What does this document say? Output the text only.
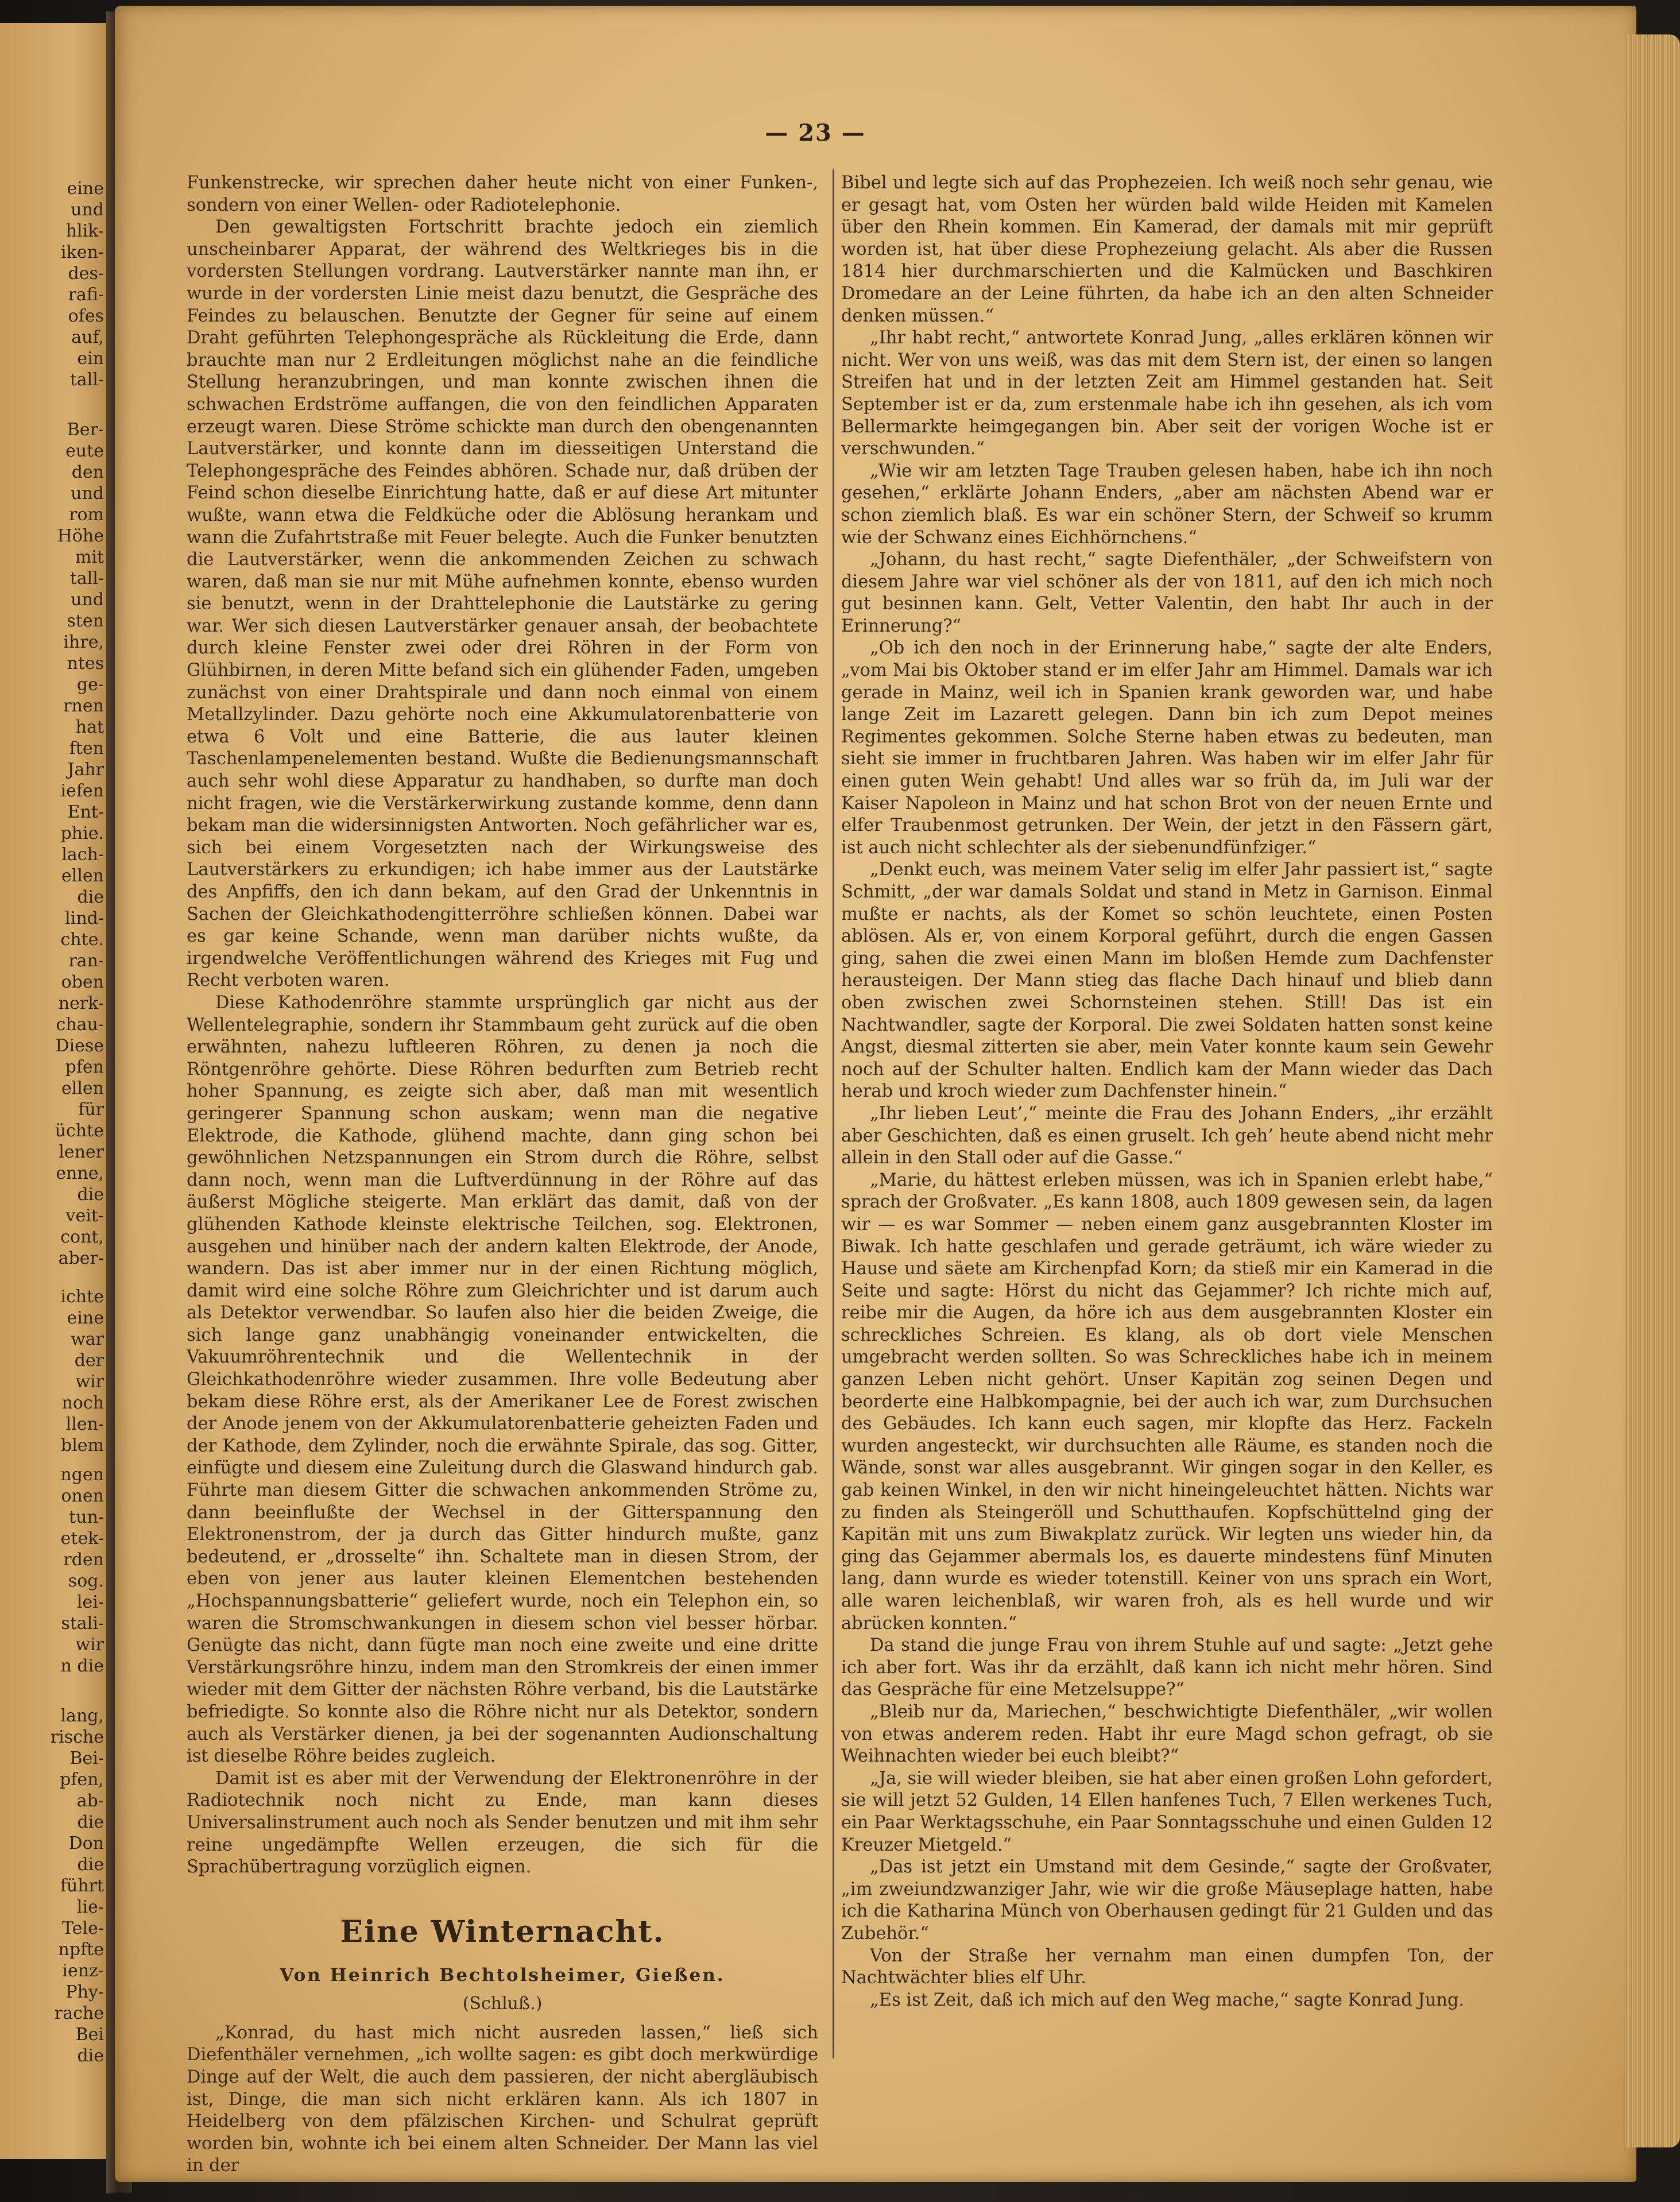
eine
und
hlik-
iken-
des-
rafi-
ofes
auf,
ein
tall-
Ber-
eute
den
und
rom
Höhe
mit
tall-
und
sten
ihre,
ntes
ge-
rnen
hat
ften
Jahr
iefen
Ent-
phie.
lach-
ellen
die
lind-
chte.
ran-
oben
nerk-
chau-
Diese
pfen
ellen
für
üchte
lener
enne,
die
veit-
cont,
aber-
ichte
eine
war
der
wir
noch
llen-
blem
ngen
onen
tun-
etek-
rden
sog.
lei-
stali-
wir
n die
lang,
rische
Bei-
pfen,
ab-
die
Don
die
führt
lie-
Tele-
npfte
ienz-
Phy-
rache
Bei
die
— 23 —

Funkenstrecke, wir sprechen daher heute nicht von einer Funken-, sondern von einer Wellen- oder Radiotelephonie.

Den gewaltigsten Fortschritt brachte jedoch ein ziemlich unscheinbarer Apparat, der während des Weltkrieges bis in die vordersten Stellungen vordrang. Lautverstärker nannte man ihn, er wurde in der vordersten Linie meist dazu benutzt, die Gespräche des Feindes zu belauschen. Benutzte der Gegner für seine auf einem Draht geführten Telephongespräche als Rückleitung die Erde, dann brauchte man nur 2 Erdleitungen möglichst nahe an die feindliche Stellung heranzubringen, und man konnte zwischen ihnen die schwachen Erdströme auffangen, die von den feindlichen Apparaten erzeugt waren. Diese Ströme schickte man durch den obengenannten Lautverstärker, und konnte dann im diesseitigen Unterstand die Telephongespräche des Feindes abhören. Schade nur, daß drüben der Feind schon dieselbe Einrichtung hatte, daß er auf diese Art mitunter wußte, wann etwa die Feldküche oder die Ablösung herankam und wann die Zufahrtstraße mit Feuer belegte. Auch die Funker benutzten die Lautverstärker, wenn die ankommenden Zeichen zu schwach waren, daß man sie nur mit Mühe aufnehmen konnte, ebenso wurden sie benutzt, wenn in der Drahttelephonie die Lautstärke zu gering war. Wer sich diesen Lautverstärker genauer ansah, der beobachtete durch kleine Fenster zwei oder drei Röhren in der Form von Glühbirnen, in deren Mitte befand sich ein glühender Faden, umgeben zunächst von einer Drahtspirale und dann noch einmal von einem Metallzylinder. Dazu gehörte noch eine Akkumulatorenbatterie von etwa 6 Volt und eine Batterie, die aus lauter kleinen Taschenlampenelementen bestand. Wußte die Bedienungsmannschaft auch sehr wohl diese Apparatur zu handhaben, so durfte man doch nicht fragen, wie die Verstärkerwirkung zustande komme, denn dann bekam man die widersinnigsten Antworten. Noch gefährlicher war es, sich bei einem Vorgesetzten nach der Wirkungsweise des Lautverstärkers zu erkundigen; ich habe immer aus der Lautstärke des Anpfiffs, den ich dann bekam, auf den Grad der Unkenntnis in Sachen der Gleichkathodengitterröhre schließen können. Dabei war es gar keine Schande, wenn man darüber nichts wußte, da irgendwelche Veröffentlichungen während des Krieges mit Fug und Recht verboten waren.

Diese Kathodenröhre stammte ursprünglich gar nicht aus der Wellentelegraphie, sondern ihr Stammbaum geht zurück auf die oben erwähnten, nahezu luftleeren Röhren, zu denen ja noch die Röntgenröhre gehörte. Diese Röhren bedurften zum Betrieb recht hoher Spannung, es zeigte sich aber, daß man mit wesentlich geringerer Spannung schon auskam; wenn man die negative Elektrode, die Kathode, glühend machte, dann ging schon bei gewöhnlichen Netzspannungen ein Strom durch die Röhre, selbst dann noch, wenn man die Luftverdünnung in der Röhre auf das äußerst Mögliche steigerte. Man erklärt das damit, daß von der glühenden Kathode kleinste elektrische Teilchen, sog. Elektronen, ausgehen und hinüber nach der andern kalten Elektrode, der Anode, wandern. Das ist aber immer nur in der einen Richtung möglich, damit wird eine solche Röhre zum Gleichrichter und ist darum auch als Detektor verwendbar. So laufen also hier die beiden Zweige, die sich lange ganz unabhängig voneinander entwickelten, die Vakuumröhrentechnik und die Wellentechnik in der Gleichkathodenröhre wieder zusammen. Ihre volle Bedeutung aber bekam diese Röhre erst, als der Amerikaner Lee de Forest zwischen der Anode jenem von der Akkumulatorenbatterie geheizten Faden und der Kathode, dem Zylinder, noch die erwähnte Spirale, das sog. Gitter, einfügte und diesem eine Zuleitung durch die Glaswand hindurch gab. Führte man diesem Gitter die schwachen ankommenden Ströme zu, dann beeinflußte der Wechsel in der Gitterspannung den Elektronenstrom, der ja durch das Gitter hindurch mußte, ganz bedeutend, er „drosselte“ ihn. Schaltete man in diesen Strom, der eben von jener aus lauter kleinen Elementchen bestehenden „Hochspannungsbatterie“ geliefert wurde, noch ein Telephon ein, so waren die Stromschwankungen in diesem schon viel besser hörbar. Genügte das nicht, dann fügte man noch eine zweite und eine dritte Verstärkungsröhre hinzu, indem man den Stromkreis der einen immer wieder mit dem Gitter der nächsten Röhre verband, bis die Lautstärke befriedigte. So konnte also die Röhre nicht nur als Detektor, sondern auch als Verstärker dienen, ja bei der sogenannten Audionschaltung ist dieselbe Röhre beides zugleich.

Damit ist es aber mit der Verwendung der Elektronenröhre in der Radiotechnik noch nicht zu Ende, man kann dieses Universalinstrument auch noch als Sender benutzen und mit ihm sehr reine ungedämpfte Wellen erzeugen, die sich für die Sprachübertragung vorzüglich eignen.

Eine Winternacht.
Von Heinrich Bechtolsheimer, Gießen.
(Schluß.)

„Konrad, du hast mich nicht ausreden lassen,“ ließ sich Diefenthäler vernehmen, „ich wollte sagen: es gibt doch merkwürdige Dinge auf der Welt, die auch dem passieren, der nicht abergläubisch ist, Dinge, die man sich nicht erklären kann. Als ich 1807 in Heidelberg von dem pfälzischen Kirchen- und Schulrat geprüft worden bin, wohnte ich bei einem alten Schneider. Der Mann las viel in der

Bibel und legte sich auf das Prophezeien. Ich weiß noch sehr genau, wie er gesagt hat, vom Osten her würden bald wilde Heiden mit Kamelen über den Rhein kommen. Ein Kamerad, der damals mit mir geprüft worden ist, hat über diese Prophezeiung gelacht. Als aber die Russen 1814 hier durchmarschierten und die Kalmücken und Baschkiren Dromedare an der Leine führten, da habe ich an den alten Schneider denken müssen.“

„Ihr habt recht,“ antwortete Konrad Jung, „alles erklären können wir nicht. Wer von uns weiß, was das mit dem Stern ist, der einen so langen Streifen hat und in der letzten Zeit am Himmel gestanden hat. Seit September ist er da, zum erstenmale habe ich ihn gesehen, als ich vom Bellermarkte heimgegangen bin. Aber seit der vorigen Woche ist er verschwunden.“

„Wie wir am letzten Tage Trauben gelesen haben, habe ich ihn noch gesehen,“ erklärte Johann Enders, „aber am nächsten Abend war er schon ziemlich blaß. Es war ein schöner Stern, der Schweif so krumm wie der Schwanz eines Eichhörnchens.“

„Johann, du hast recht,“ sagte Diefenthäler, „der Schweifstern von diesem Jahre war viel schöner als der von 1811, auf den ich mich noch gut besinnen kann. Gelt, Vetter Valentin, den habt Ihr auch in der Erinnerung?“

„Ob ich den noch in der Erinnerung habe,“ sagte der alte Enders, „vom Mai bis Oktober stand er im elfer Jahr am Himmel. Damals war ich gerade in Mainz, weil ich in Spanien krank geworden war, und habe lange Zeit im Lazarett gelegen. Dann bin ich zum Depot meines Regimentes gekommen. Solche Sterne haben etwas zu bedeuten, man sieht sie immer in fruchtbaren Jahren. Was haben wir im elfer Jahr für einen guten Wein gehabt! Und alles war so früh da, im Juli war der Kaiser Napoleon in Mainz und hat schon Brot von der neuen Ernte und elfer Traubenmost getrunken. Der Wein, der jetzt in den Fässern gärt, ist auch nicht schlechter als der siebenundfünfziger.“

„Denkt euch, was meinem Vater selig im elfer Jahr passiert ist,“ sagte Schmitt, „der war damals Soldat und stand in Metz in Garnison. Einmal mußte er nachts, als der Komet so schön leuchtete, einen Posten ablösen. Als er, von einem Korporal geführt, durch die engen Gassen ging, sahen die zwei einen Mann im bloßen Hemde zum Dachfenster herausteigen. Der Mann stieg das flache Dach hinauf und blieb dann oben zwischen zwei Schornsteinen stehen. Still! Das ist ein Nachtwandler, sagte der Korporal. Die zwei Soldaten hatten sonst keine Angst, diesmal zitterten sie aber, mein Vater konnte kaum sein Gewehr noch auf der Schulter halten. Endlich kam der Mann wieder das Dach herab und kroch wieder zum Dachfenster hinein.“

„Ihr lieben Leut’,“ meinte die Frau des Johann Enders, „ihr erzählt aber Geschichten, daß es einen gruselt. Ich geh’ heute abend nicht mehr allein in den Stall oder auf die Gasse.“

„Marie, du hättest erleben müssen, was ich in Spanien erlebt habe,“ sprach der Großvater. „Es kann 1808, auch 1809 gewesen sein, da lagen wir — es war Sommer — neben einem ganz ausgebrannten Kloster im Biwak. Ich hatte geschlafen und gerade geträumt, ich wäre wieder zu Hause und säete am Kirchenpfad Korn; da stieß mir ein Kamerad in die Seite und sagte: Hörst du nicht das Gejammer? Ich richte mich auf, reibe mir die Augen, da höre ich aus dem ausgebrannten Kloster ein schreckliches Schreien. Es klang, als ob dort viele Menschen umgebracht werden sollten. So was Schreckliches habe ich in meinem ganzen Leben nicht gehört. Unser Kapitän zog seinen Degen und beorderte eine Halbkompagnie, bei der auch ich war, zum Durchsuchen des Gebäudes. Ich kann euch sagen, mir klopfte das Herz. Fackeln wurden angesteckt, wir durchsuchten alle Räume, es standen noch die Wände, sonst war alles ausgebrannt. Wir gingen sogar in den Keller, es gab keinen Winkel, in den wir nicht hineingeleuchtet hätten. Nichts war zu finden als Steingeröll und Schutthaufen. Kopfschüttelnd ging der Kapitän mit uns zum Biwakplatz zurück. Wir legten uns wieder hin, da ging das Gejammer abermals los, es dauerte mindestens fünf Minuten lang, dann wurde es wieder totenstill. Keiner von uns sprach ein Wort, alle waren leichenblaß, wir waren froh, als es hell wurde und wir abrücken konnten.“

Da stand die junge Frau von ihrem Stuhle auf und sagte: „Jetzt gehe ich aber fort. Was ihr da erzählt, daß kann ich nicht mehr hören. Sind das Gespräche für eine Metzelsuppe?“

„Bleib nur da, Mariechen,“ beschwichtigte Diefenthäler, „wir wollen von etwas anderem reden. Habt ihr eure Magd schon gefragt, ob sie Weihnachten wieder bei euch bleibt?“

„Ja, sie will wieder bleiben, sie hat aber einen großen Lohn gefordert, sie will jetzt 52 Gulden, 14 Ellen hanfenes Tuch, 7 Ellen werkenes Tuch, ein Paar Werktagsschuhe, ein Paar Sonntagsschuhe und einen Gulden 12 Kreuzer Mietgeld.“

„Das ist jetzt ein Umstand mit dem Gesinde,“ sagte der Großvater, „im zweiundzwanziger Jahr, wie wir die große Mäuseplage hatten, habe ich die Katharina Münch von Oberhausen gedingt für 21 Gulden und das Zubehör.“

Von der Straße her vernahm man einen dumpfen Ton, der Nachtwächter blies elf Uhr.

„Es ist Zeit, daß ich mich auf den Weg mache,“ sagte Konrad Jung.
